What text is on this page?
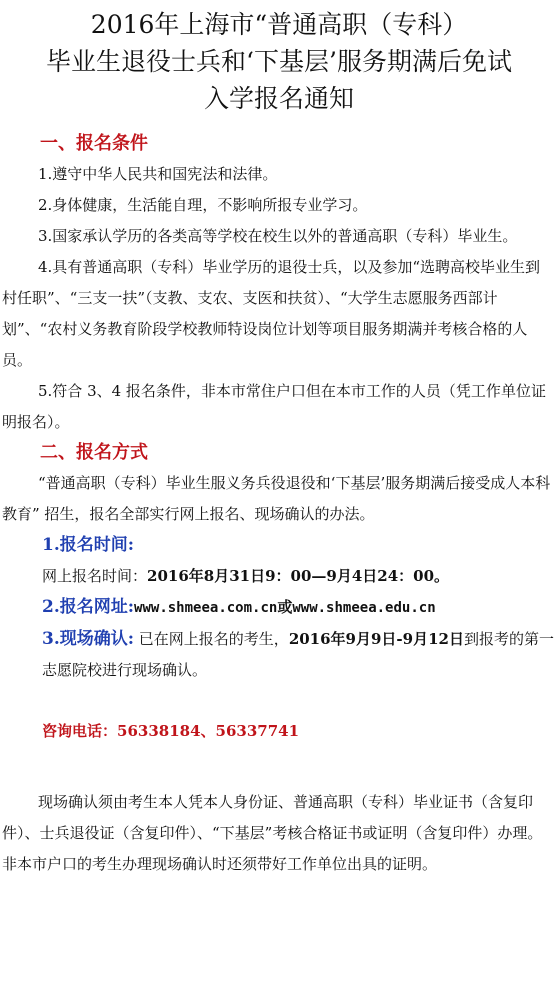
2016年上海市“普通高职（专科）
毕业生退役士兵和‘下基层’服务期满后免试
入学报名通知
一、报名条件

1.遵守中华人民共和国宪法和法律。

2.身体健康，生活能自理，不影响所报专业学习。

3.国家承认学历的各类高等学校在校生以外的普通高职（专科）毕业生。

4.具有普通高职（专科）毕业学历的退役士兵，以及参加“选聘高校毕业生到村任职”、“三支一扶”（支教、支农、支医和扶贫）、“大学生志愿服务西部计划”、“农村义务教育阶段学校教师特设岗位计划等项目服务期满并考核合格的人员。

5.符合 3、4 报名条件，非本市常住户口但在本市工作的人员（凭工作单位证明报名）。

二、报名方式

“普通高职（专科）毕业生服义务兵役退役和‘下基层’服务期满后接受成人本科教育” 招生，报名全部实行网上报名、现场确认的办法。

1.报名时间:

网上报名时间：2016年8月31日9：00—9月4日24：00。

2.报名网址:www.shmeea.com.cn或www.shmeea.edu.cn

3.现场确认: 已在网上报名的考生，2016年9月9日-9月12日到报考的第一志愿院校进行现场确认。

咨询电话：56338184、56337741

现场确认须由考生本人凭本人身份证、普通高职（专科）毕业证书（含复印件）、士兵退役证（含复印件）、“下基层”考核合格证书或证明（含复印件）办理。非本市户口的考生办理现场确认时还须带好工作单位出具的证明。
